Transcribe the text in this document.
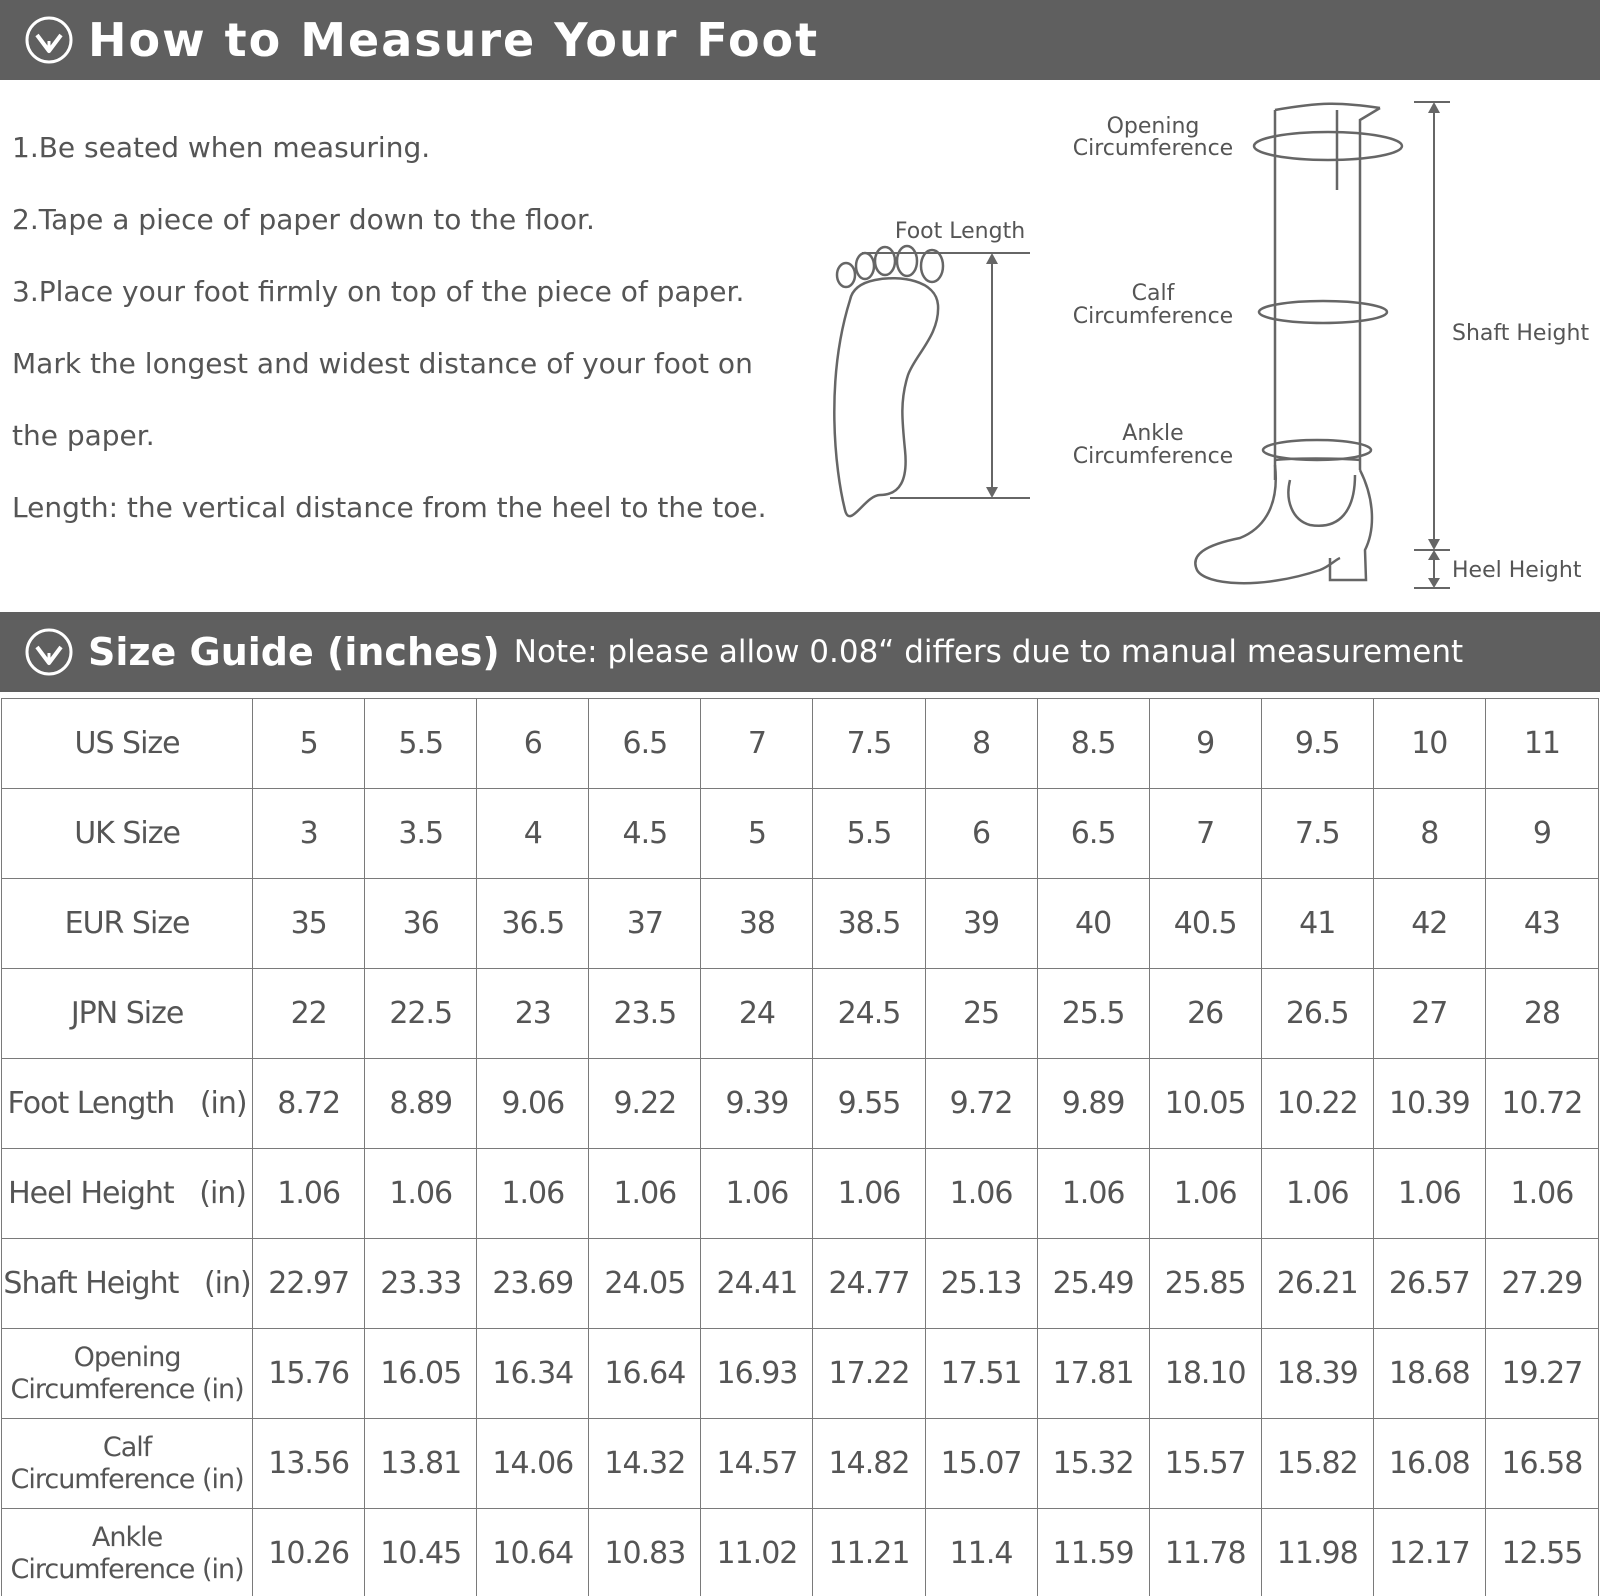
How to Measure Your Foot

1.Be seated when measuring.

2.Tape a piece of paper down to the floor.

3.Place your foot firmly on top of the piece of paper.

Mark the longest and widest distance of your foot on

the paper.

Length: the vertical distance from the heel to the toe.

Foot Length
Opening
Circumference
Calf
Circumference
Ankle
Circumference
Shaft Height
Heel Height
Size Guide (inches) Note: please allow 0.08“ differs due to manual measurement
US Size	5	5.5	6	6.5	7	7.5	8	8.5	9	9.5	10	11
UK Size	3	3.5	4	4.5	5	5.5	6	6.5	7	7.5	8	9
EUR Size	35	36	36.5	37	38	38.5	39	40	40.5	41	42	43
JPN Size	22	22.5	23	23.5	24	24.5	25	25.5	26	26.5	27	28
Foot Length   (in)	8.72	8.89	9.06	9.22	9.39	9.55	9.72	9.89	10.05	10.22	10.39	10.72
Heel Height   (in)	1.06	1.06	1.06	1.06	1.06	1.06	1.06	1.06	1.06	1.06	1.06	1.06
Shaft Height   (in)	22.97	23.33	23.69	24.05	24.41	24.77	25.13	25.49	25.85	26.21	26.57	27.29

Opening
Circumference (in)	15.76	16.05	16.34	16.64	16.93	17.22	17.51	17.81	18.10	18.39	18.68	19.27

Calf
Circumference (in)	13.56	13.81	14.06	14.32	14.57	14.82	15.07	15.32	15.57	15.82	16.08	16.58

Ankle
Circumference (in)	10.26	10.45	10.64	10.83	11.02	11.21	11.4	11.59	11.78	11.98	12.17	12.55
